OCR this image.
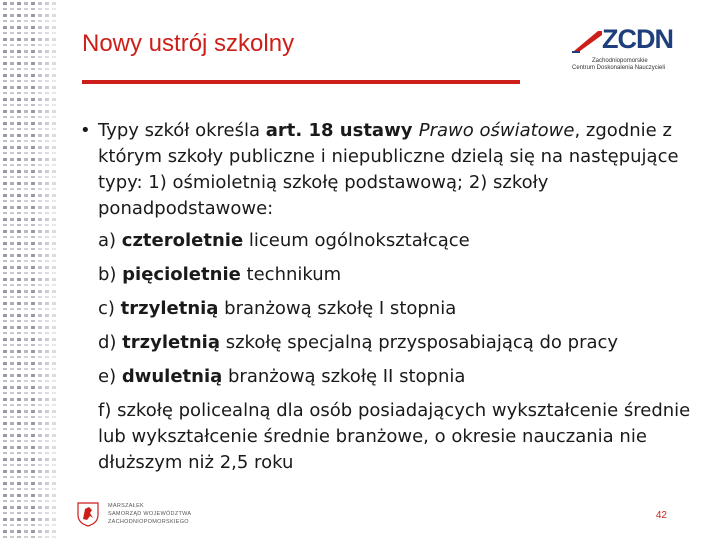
Nowy ustrój szkolny	ZCDN
Zachodniopomorskie
Centrum Doskonalenia Nauczycieli
• Typy szkół określa art. 18 ustawy Prawo oświatowe, zgodnie z którym szkoły publiczne i niepubliczne dzielą się na następujące typy: 1) ośmioletnią szkołę podstawową; 2) szkoły ponadpodstawowe:

a) czteroletnie liceum ogólnokształcące
b) pięcioletnie technikum
c) trzyletnią branżową szkołę I stopnia
d) trzyletnią szkołę specjalną przysposabiającą do pracy
e) dwuletnią branżową szkołę II stopnia
f) szkołę policealną dla osób posiadających wykształcenie średnie lub wykształcenie średnie branżowe, o okresie nauczania nie dłuższym niż 2,5 roku
MARSZAŁEK
SAMORZĄD WOJEWÓDZTWA
ZACHODNIOPOMORSKIEGO
42
